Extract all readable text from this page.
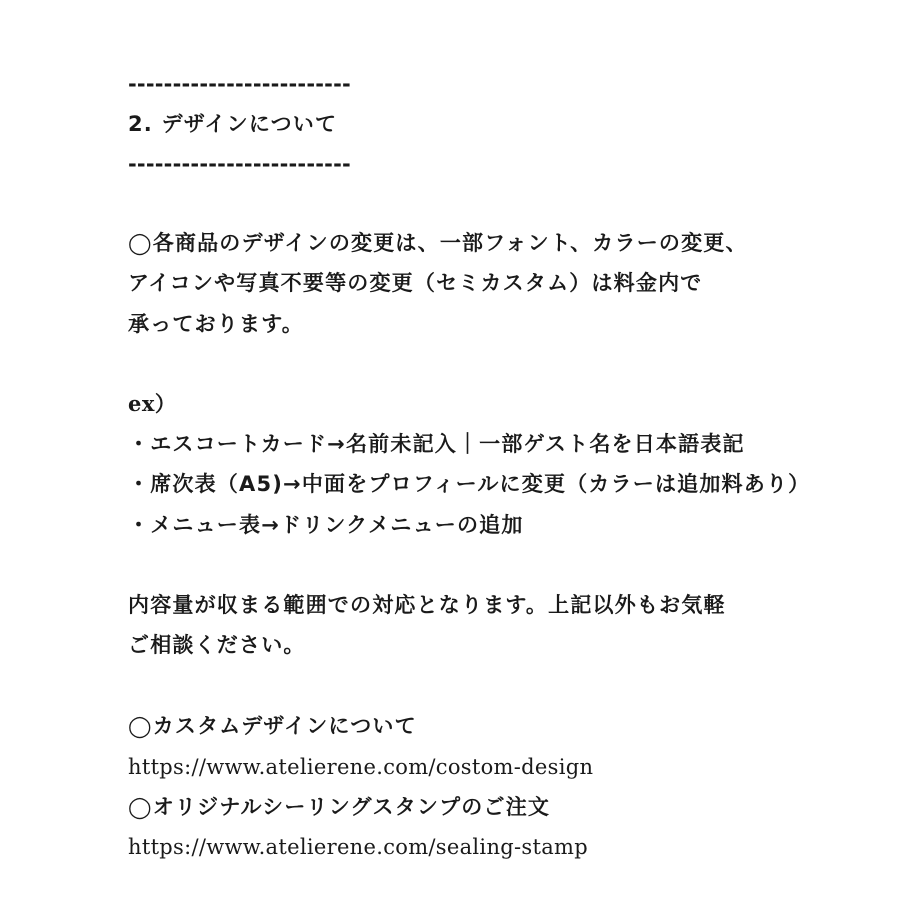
-------------------------
2. デザインについて
-------------------------
◯各商品のデザインの変更は、一部フォント、カラーの変更、
アイコンや写真不要等の変更（セミカスタム）は料金内で
承っております。
ex）
・エスコートカード→名前未記入｜一部ゲスト名を日本語表記
・席次表（A5)→中面をプロフィールに変更（カラーは追加料あり）
・メニュー表→ドリンクメニューの追加
内容量が収まる範囲での対応となります。上記以外もお気軽
ご相談ください。
◯カスタムデザインについて
https://www.atelierene.com/costom-design
◯オリジナルシーリングスタンプのご注文
https://www.atelierene.com/sealing-stamp
